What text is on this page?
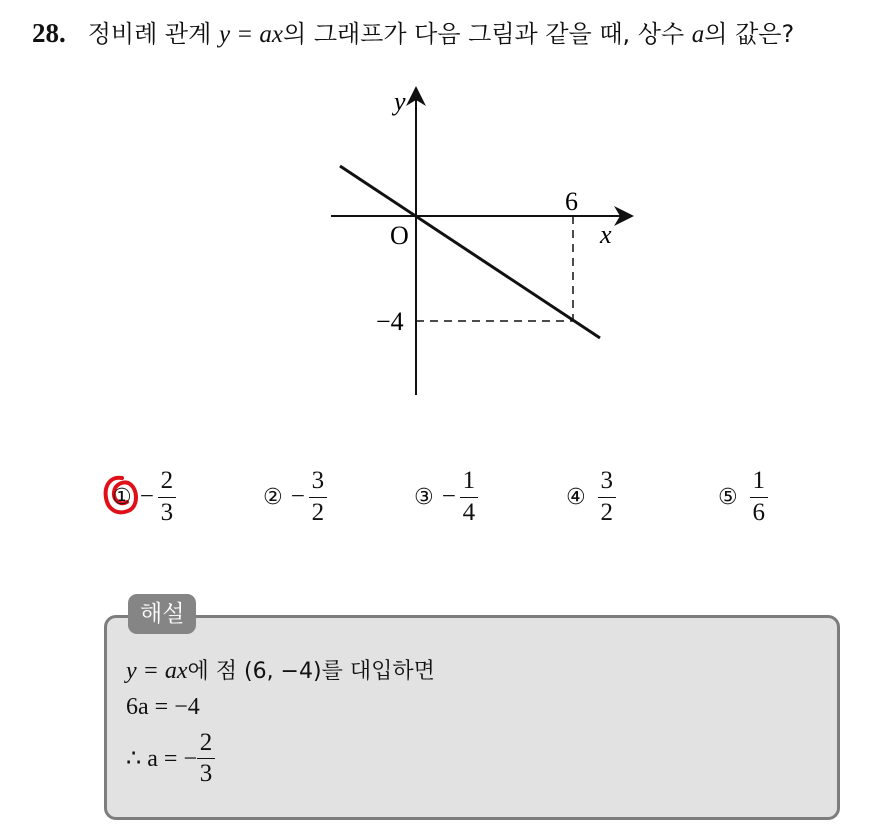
28. 정비례 관계 y = ax의 그래프가 다음 그림과 같을 때, 상수 a의 값은?
y
x
O
6
−4
① − $\frac{2}{3}$	② − $\frac{3}{2}$	③ − $\frac{1}{4}$	④ $\frac{3}{2}$	⑤ $\frac{1}{6}$
해설
y = ax에 점 (6, −4)를 대입하면
6a = −4
∴ a = − $\frac{2}{3}$
